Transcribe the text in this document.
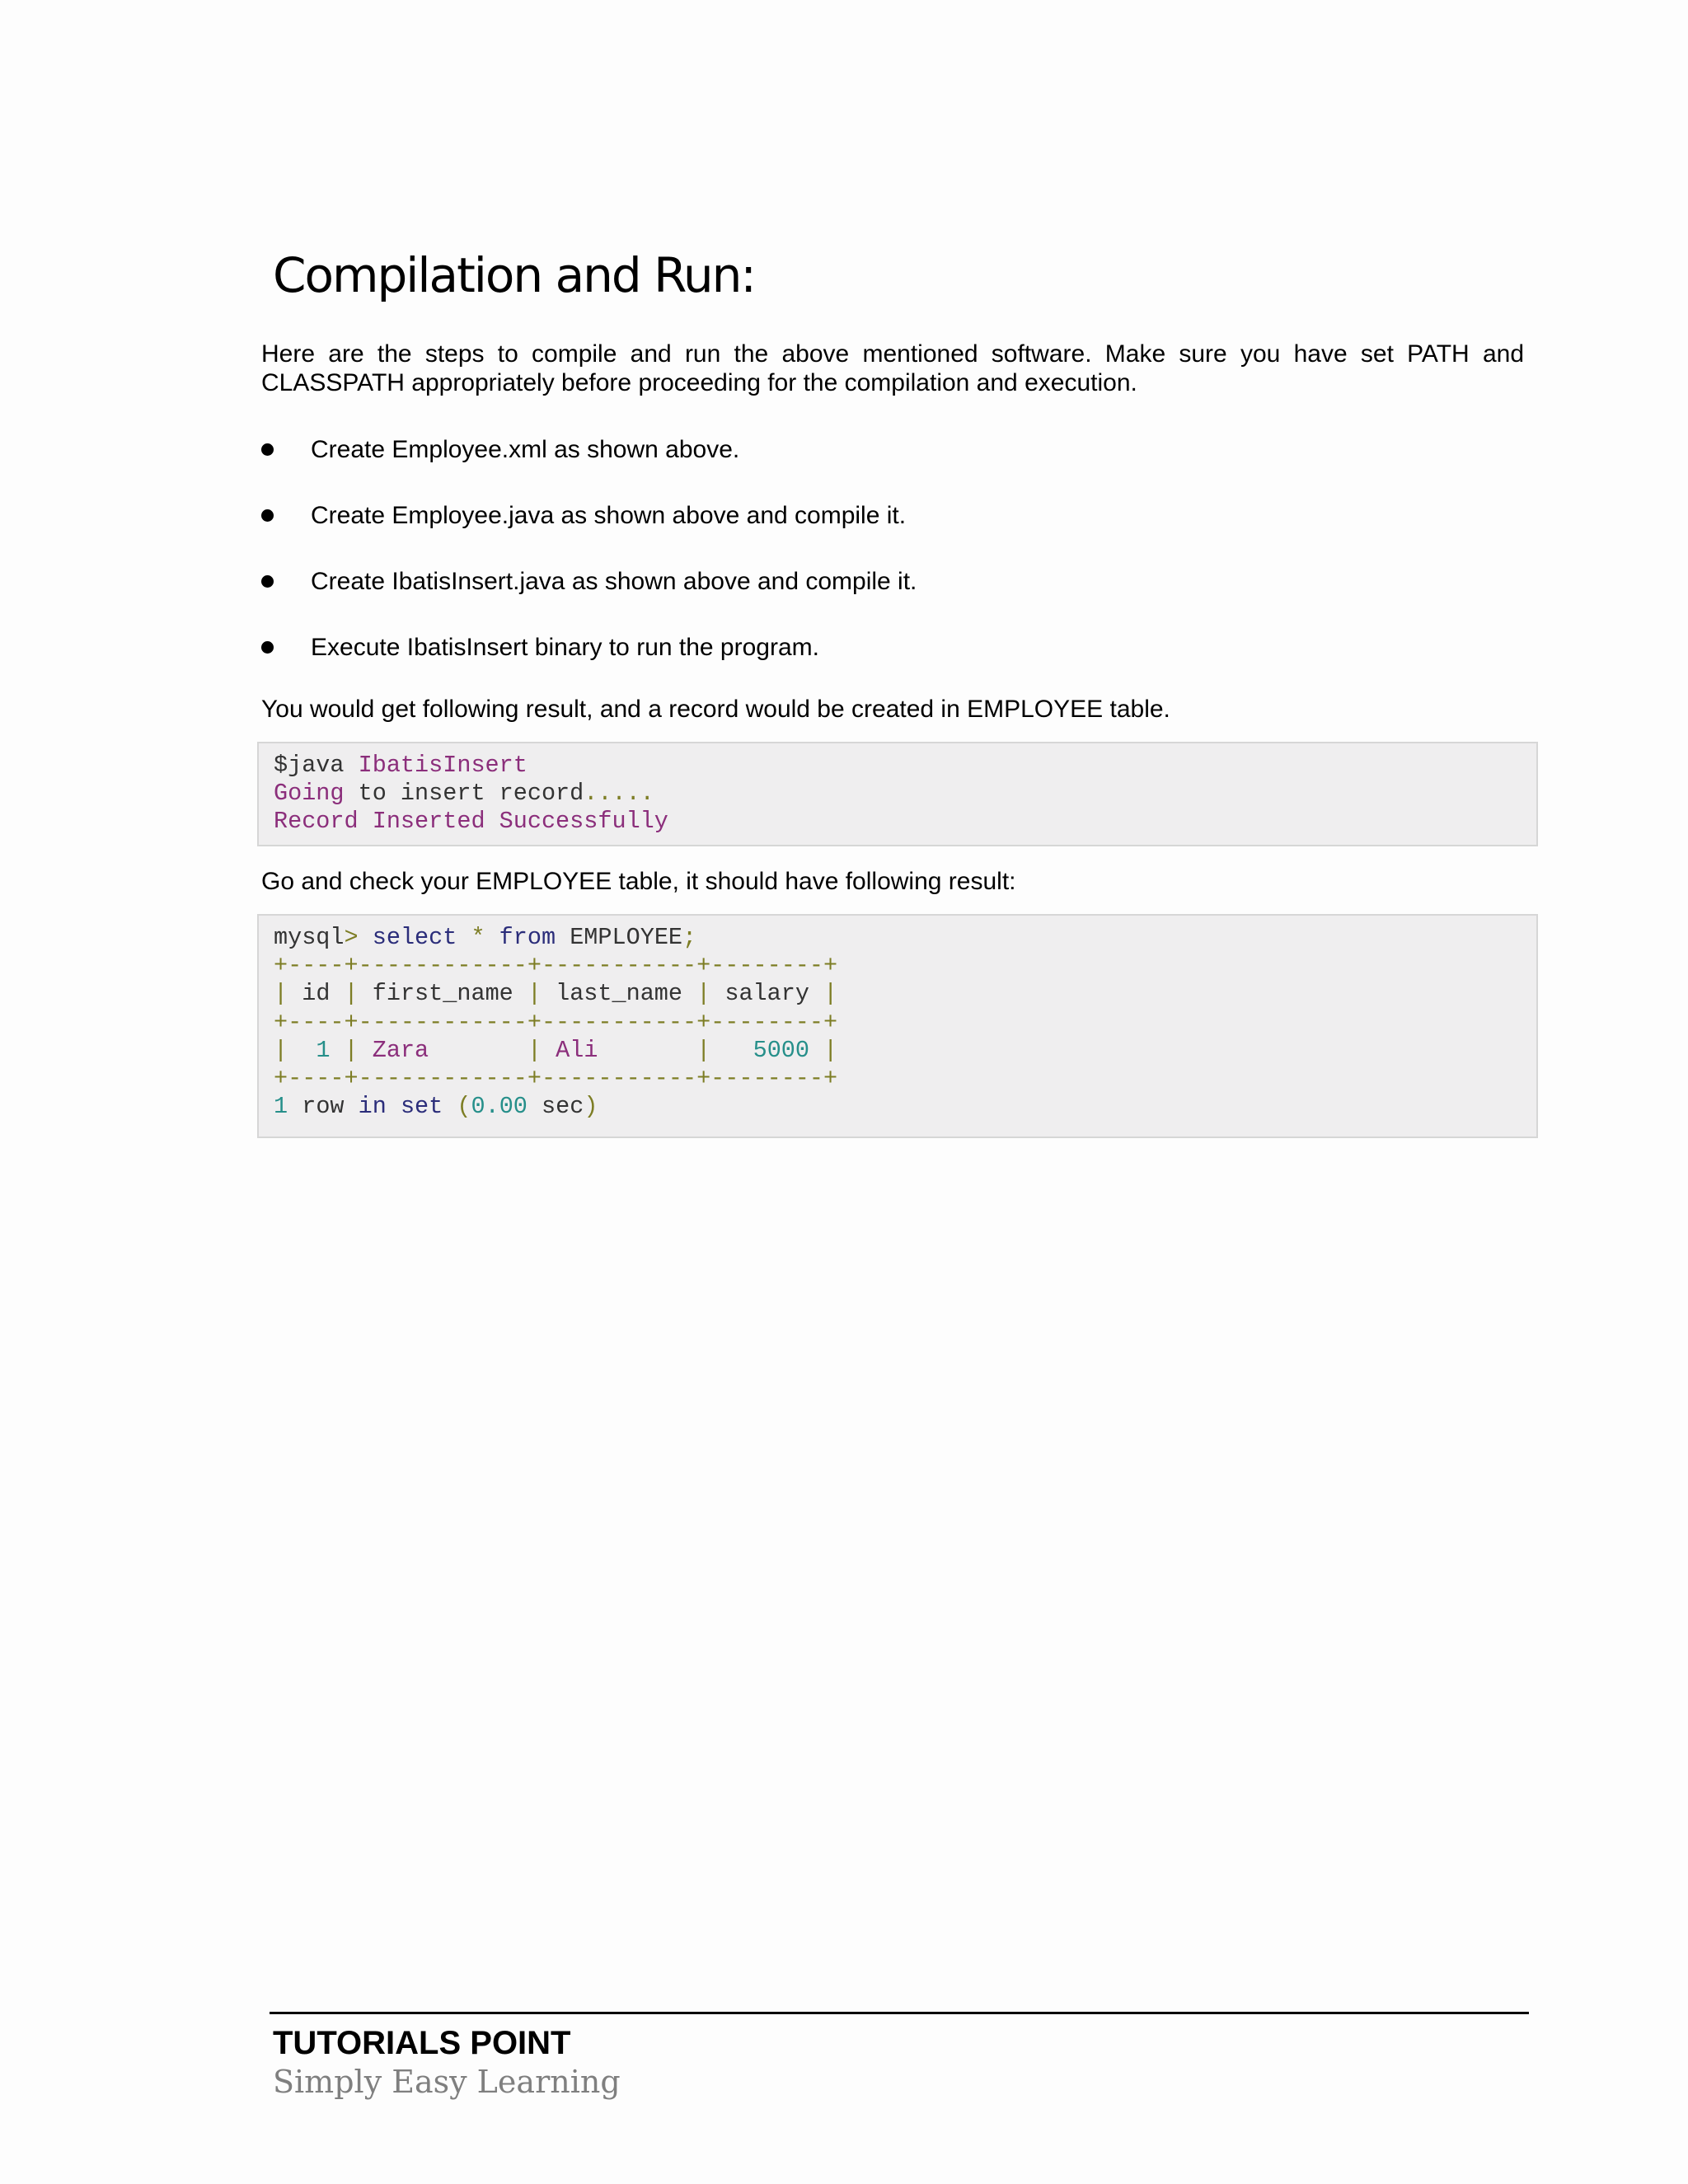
Compilation and Run:

Here are the steps to compile and run the above mentioned software. Make sure you have set PATH and CLASSPATH appropriately before proceeding for the compilation and execution.

Create Employee.xml as shown above.
Create Employee.java as shown above and compile it.
Create IbatisInsert.java as shown above and compile it.
Execute IbatisInsert binary to run the program.

You would get following result, and a record would be created in EMPLOYEE table.

$java IbatisInsert
Going to insert record.....
Record Inserted Successfully

Go and check your EMPLOYEE table, it should have following result:

mysql> select * from EMPLOYEE;
+----+------------+-----------+--------+
| id | first_name | last_name | salary |
+----+------------+-----------+--------+
|  1 | Zara	| Ali	|   5000 |
+----+------------+-----------+--------+
1 row in set (0.00 sec)

TUTORIALS POINT

Simply Easy Learning
